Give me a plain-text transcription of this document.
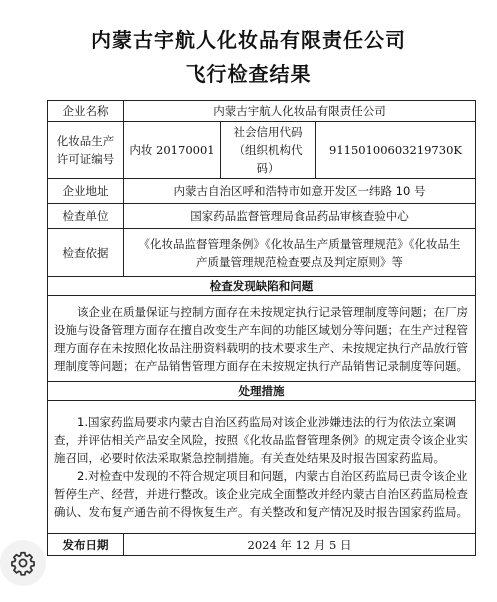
内蒙古宇航人化妆品有限责任公司
飞行检查结果
企业名称	内蒙古宇航人化妆品有限责任公司		
化妆品生产许可证编号	内妆 20170001	社会信用代码（组织机构代码）	91150100603219730K
企业地址	内蒙古自治区呼和浩特市如意开发区一纬路 10 号		
检查单位	国家药品监督管理局食品药品审核查验中心		
检查依据	《化妆品监督管理条例》《化妆品生产质量管理规范》《化妆品生产质量管理规范检查要点及判定原则》等		
检查发现缺陷和问题			
该企业在质量保证与控制方面存在未按规定执行记录管理制度等问题；在厂房设施与设备管理方面存在擅自改变生产车间的功能区域划分等问题；在生产过程管理方面存在未按照化妆品注册资料载明的技术要求生产、未按规定执行产品放行管理制度等问题；在产品销售管理方面存在未按规定执行产品销售记录制度等问题。			
处理措施			

1.国家药监局要求内蒙古自治区药监局对该企业涉嫌违法的行为依法立案调查，并评估相关产品安全风险，按照《化妆品监督管理条例》的规定责令该企业实施召回，必要时依法采取紧急控制措施。有关查处结果及时报告国家药监局。
2.对检查中发现的不符合规定项目和问题，内蒙古自治区药监局已责令该企业暂停生产、经营，并进行整改。该企业完成全面整改并经内蒙古自治区药监局检查确认、发布复产通告前不得恢复生产。有关整改和复产情况及时报告国家药监局。			

发布日期	2024 年 12 月 5 日		
